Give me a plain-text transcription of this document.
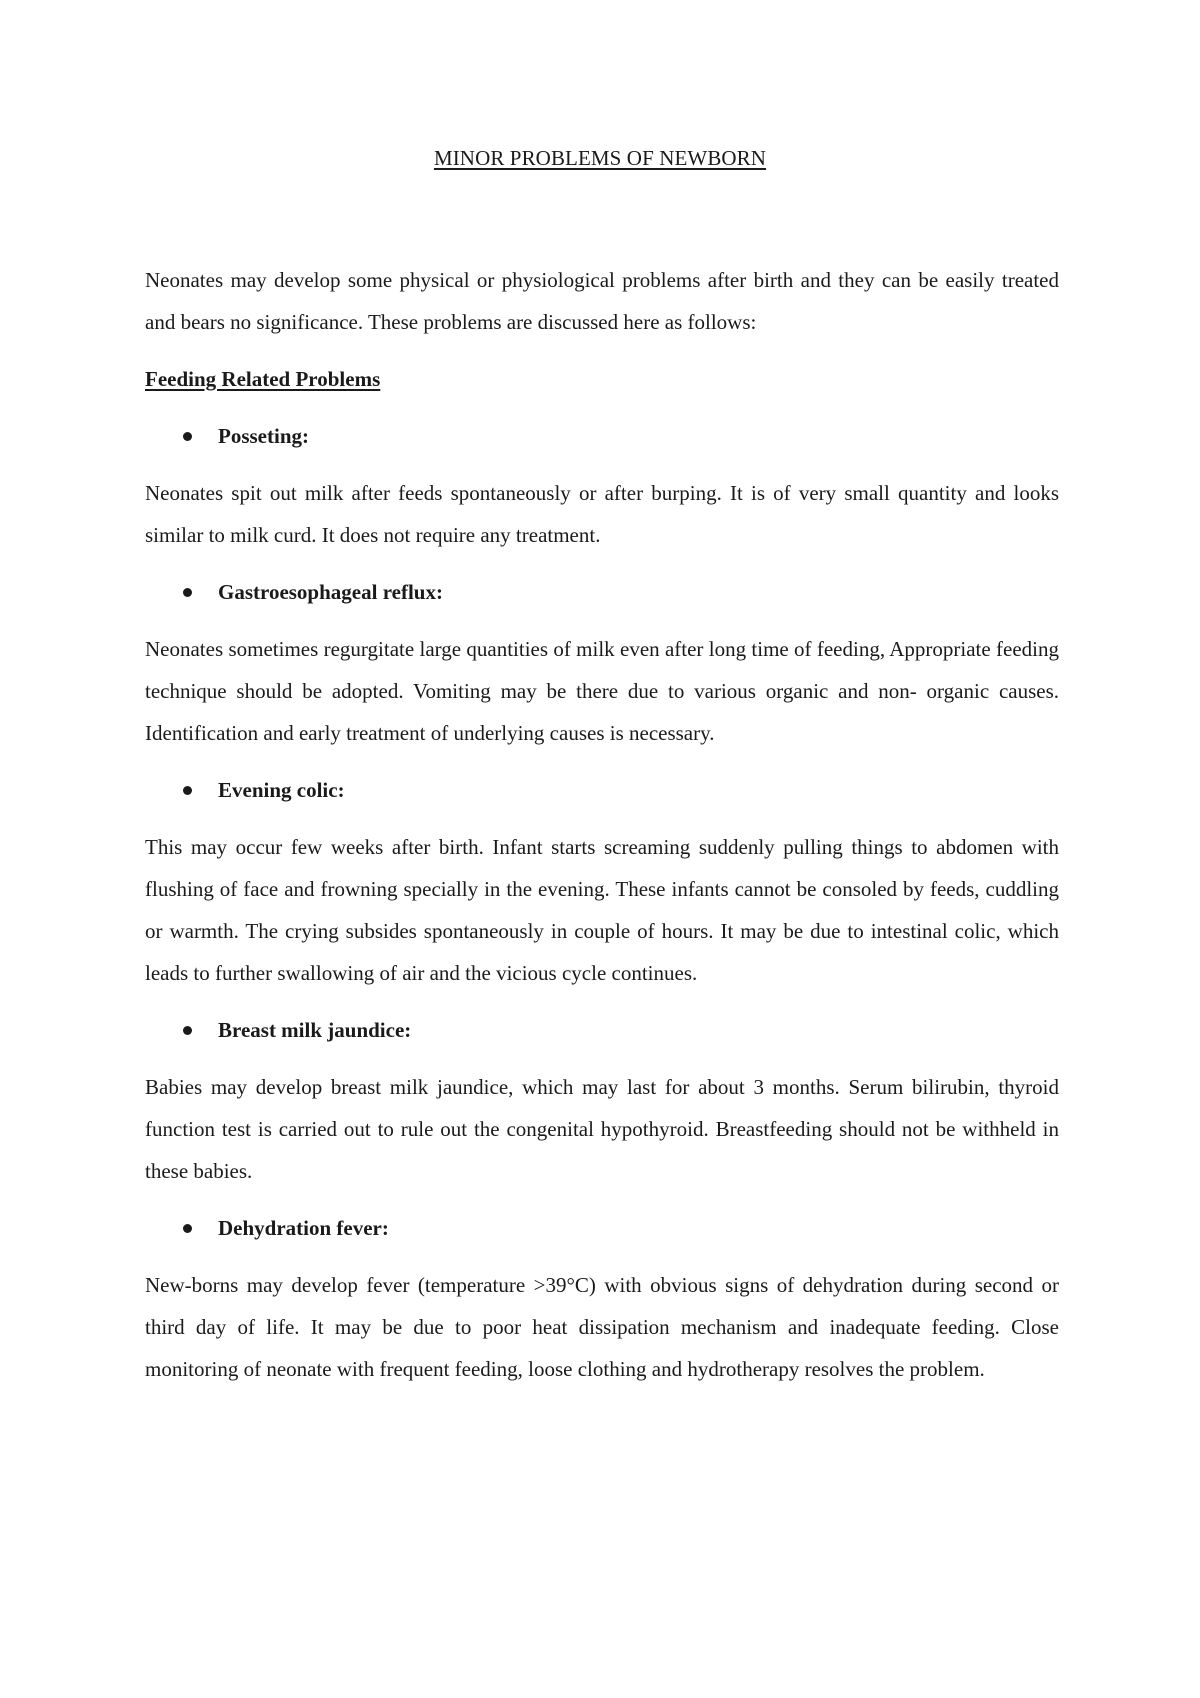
MINOR PROBLEMS OF NEWBORN

Neonates may develop some physical or physiological problems after birth and they can be easily treated and bears no significance. These problems are discussed here as follows:

Feeding Related Problems
Posseting:

Neonates spit out milk after feeds spontaneously or after burping. It is of very small quantity and looks similar to milk curd. It does not require any treatment.

Gastroesophageal reflux:

Neonates sometimes regurgitate large quantities of milk even after long time of feeding, Appropriate feeding technique should be adopted. Vomiting may be there due to various organic and non- organic causes. Identification and early treatment of underlying causes is necessary.

Evening colic:

This may occur few weeks after birth. Infant starts screaming suddenly pulling things to abdomen with flushing of face and frowning specially in the evening. These infants cannot be consoled by feeds, cuddling or warmth. The crying subsides spontaneously in couple of hours. It may be due to intestinal colic, which leads to further swallowing of air and the vicious cycle continues.

Breast milk jaundice:

Babies may develop breast milk jaundice, which may last for about 3 months. Serum bilirubin, thyroid function test is carried out to rule out the congenital hypothyroid. Breastfeeding should not be withheld in these babies.

Dehydration fever:

New-borns may develop fever (temperature >39°C) with obvious signs of dehydration during second or third day of life. It may be due to poor heat dissipation mechanism and inadequate feeding. Close monitoring of neonate with frequent feeding, loose clothing and hydrotherapy resolves the problem.
